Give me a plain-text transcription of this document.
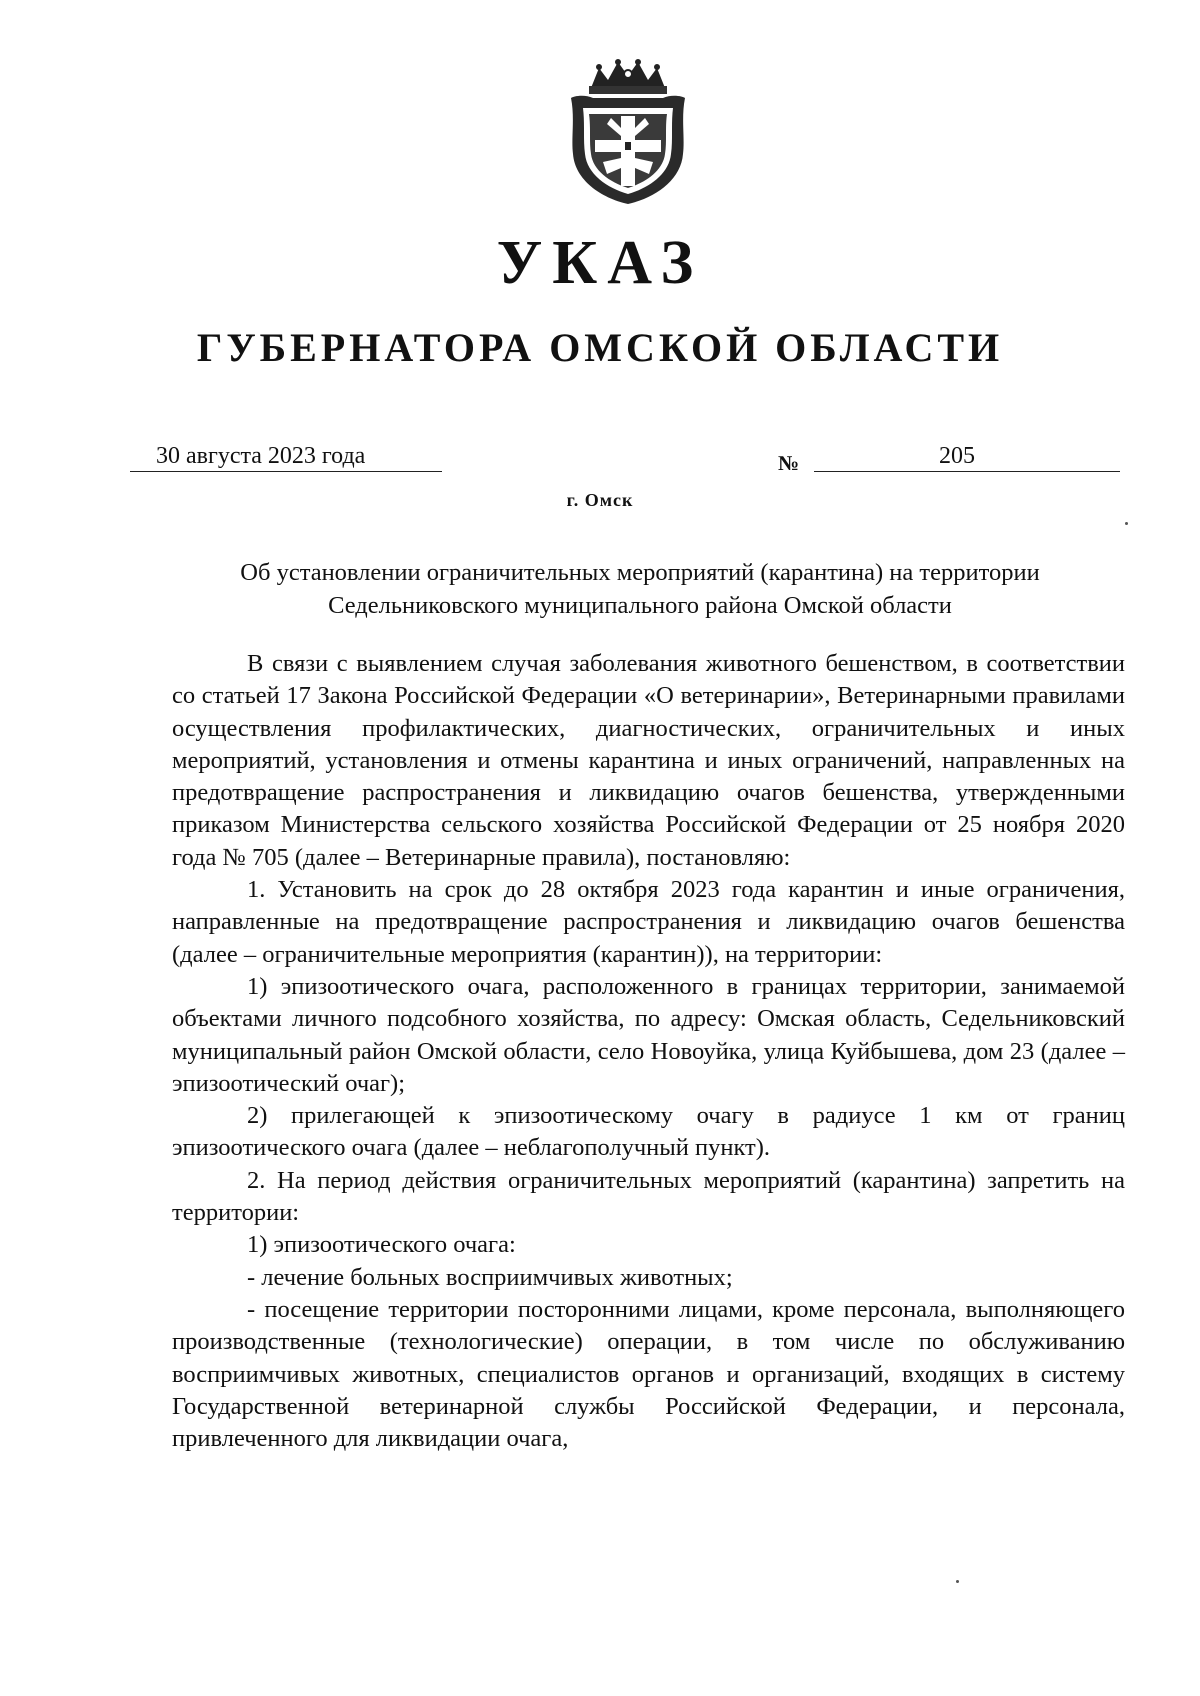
УКАЗ
ГУБЕРНАТОРА ОМСКОЙ ОБЛАСТИ
30 августа 2023 года	№	205
г. Омск
Об установлении ограничительных мероприятий (карантина) на территории
Седельниковского муниципального района Омской области

В связи с выявлением случая заболевания животного бешенством, в соответствии со статьей 17 Закона Российской Федерации «О ветеринарии», Ветеринарными правилами осуществления профилактических, диагностических, ограничительных и иных мероприятий, установления и отмены карантина и иных ограничений, направленных на предотвращение распространения и ликвидацию очагов бешенства, утвержденными приказом Министерства сельского хозяйства Российской Федерации от 25 ноября 2020 года № 705 (далее – Ветеринарные правила), постановляю:

1. Установить на срок до 28 октября 2023 года карантин и иные ограничения, направленные на предотвращение распространения и ликвидацию очагов бешенства (далее – ограничительные мероприятия (карантин)), на территории:

1) эпизоотического очага, расположенного в границах территории, занимаемой объектами личного подсобного хозяйства, по адресу: Омская область, Седельниковский муниципальный район Омской области, село Новоуйка, улица Куйбышева, дом 23 (далее – эпизоотический очаг);

2) прилегающей к эпизоотическому очагу в радиусе 1 км от границ эпизоотического очага (далее – неблагополучный пункт).

2. На период действия ограничительных мероприятий (карантина) запретить на территории:

1) эпизоотического очага:

- лечение больных восприимчивых животных;

- посещение территории посторонними лицами, кроме персонала, выполняющего производственные (технологические) операции, в том числе по обслуживанию восприимчивых животных, специалистов органов и организаций, входящих в систему Государственной ветеринарной службы Российской Федерации, и персонала, привлеченного для ликвидации очага,
